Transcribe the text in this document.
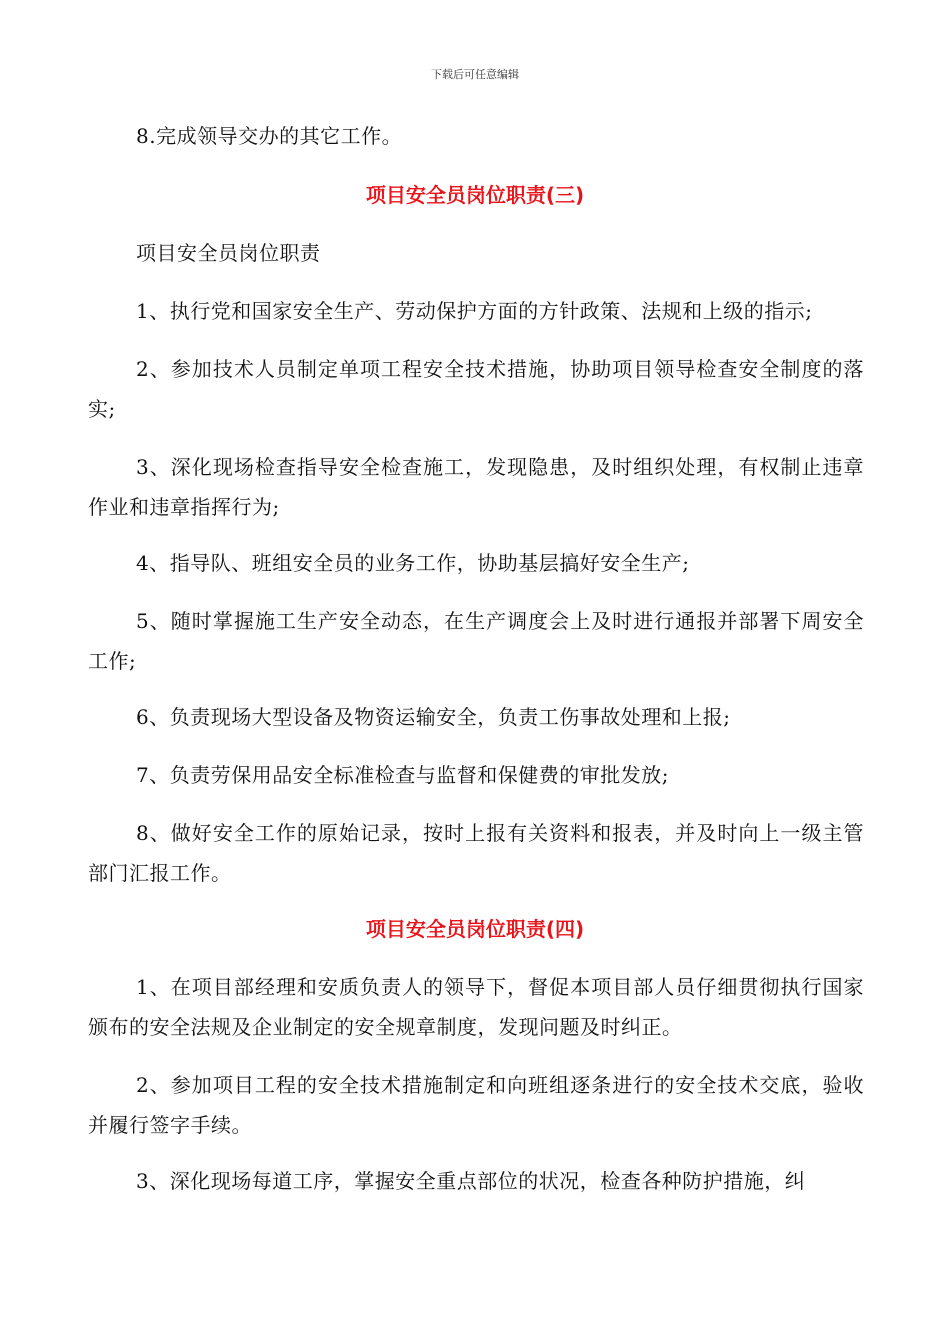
下载后可任意编辑
8.完成领导交办的其它工作。
项目安全员岗位职责(三)
项目安全员岗位职责
1、执行党和国家安全生产、劳动保护方面的方针政策、法规和上级的指示;
2、参加技术人员制定单项工程安全技术措施，协助项目领导检查安全制度的落实;
3、深化现场检查指导安全检查施工，发现隐患，及时组织处理，有权制止违章作业和违章指挥行为;
4、指导队、班组安全员的业务工作，协助基层搞好安全生产;
5、随时掌握施工生产安全动态，在生产调度会上及时进行通报并部署下周安全工作;
6、负责现场大型设备及物资运输安全，负责工伤事故处理和上报;
7、负责劳保用品安全标准检查与监督和保健费的审批发放;
8、做好安全工作的原始记录，按时上报有关资料和报表，并及时向上一级主管部门汇报工作。
项目安全员岗位职责(四)
1、在项目部经理和安质负责人的领导下，督促本项目部人员仔细贯彻执行国家颁布的安全法规及企业制定的安全规章制度，发现问题及时纠正。
2、参加项目工程的安全技术措施制定和向班组逐条进行的安全技术交底，验收并履行签字手续。
3、深化现场每道工序，掌握安全重点部位的状况，检查各种防护措施，纠
